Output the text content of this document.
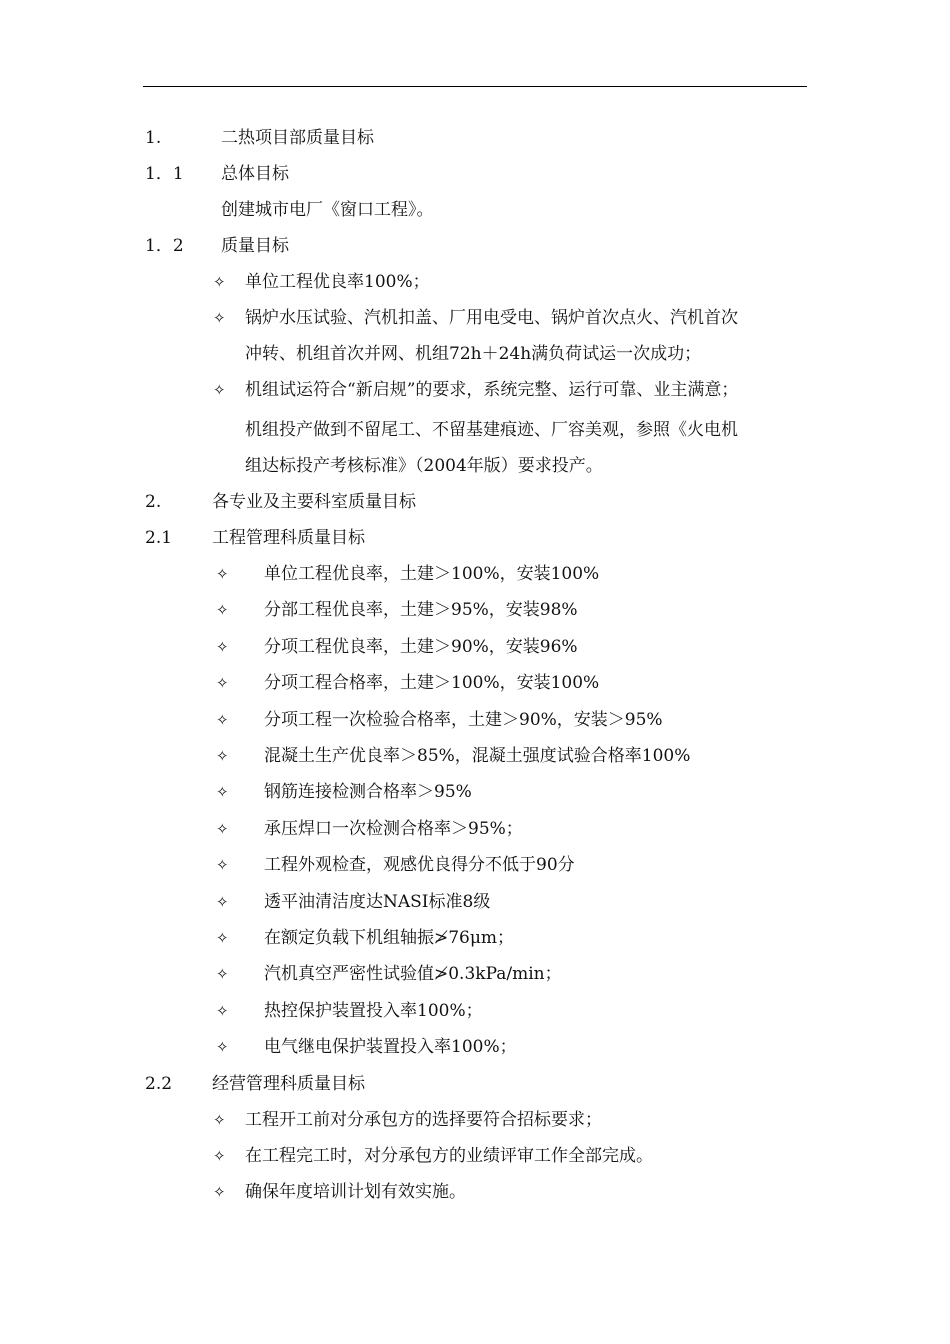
1.	二热项目部质量目标
1．1 总体目标
创建城市电厂《窗口工程》。
1．2 质量目标
✧ 单位工程优良率100%；
✧ 锅炉水压试验、汽机扣盖、厂用电受电、锅炉首次点火、汽机首次
冲转、机组首次并网、机组72h＋24h满负荷试运一次成功；
✧ 机组试运符合“新启规”的要求，系统完整、运行可靠、业主满意；
机组投产做到不留尾工、不留基建痕迹、厂容美观，参照《火电机
组达标投产考核标准》（2004年版）要求投产。
2.	各专业及主要科室质量目标
2.1 工程管理科质量目标
✧ 单位工程优良率，土建＞100%，安装100%
✧ 分部工程优良率，土建＞95%，安装98%
✧ 分项工程优良率，土建＞90%，安装96%
✧ 分项工程合格率，土建＞100%，安装100%
✧ 分项工程一次检验合格率，土建＞90%，安装＞95%
✧ 混凝土生产优良率＞85%，混凝土强度试验合格率100%
✧ 钢筋连接检测合格率＞95%
✧ 承压焊口一次检测合格率＞95%；
✧ 工程外观检查，观感优良得分不低于90分
✧ 透平油清洁度达NASI标准8级
✧ 在额定负载下机组轴振≯76μm；
✧ 汽机真空严密性试验值≯0.3kPa/min；
✧ 热控保护装置投入率100%；
✧ 电气继电保护装置投入率100%；
2.2 经营管理科质量目标
✧ 工程开工前对分承包方的选择要符合招标要求；
✧ 在工程完工时，对分承包方的业绩评审工作全部完成。
✧ 确保年度培训计划有效实施。
